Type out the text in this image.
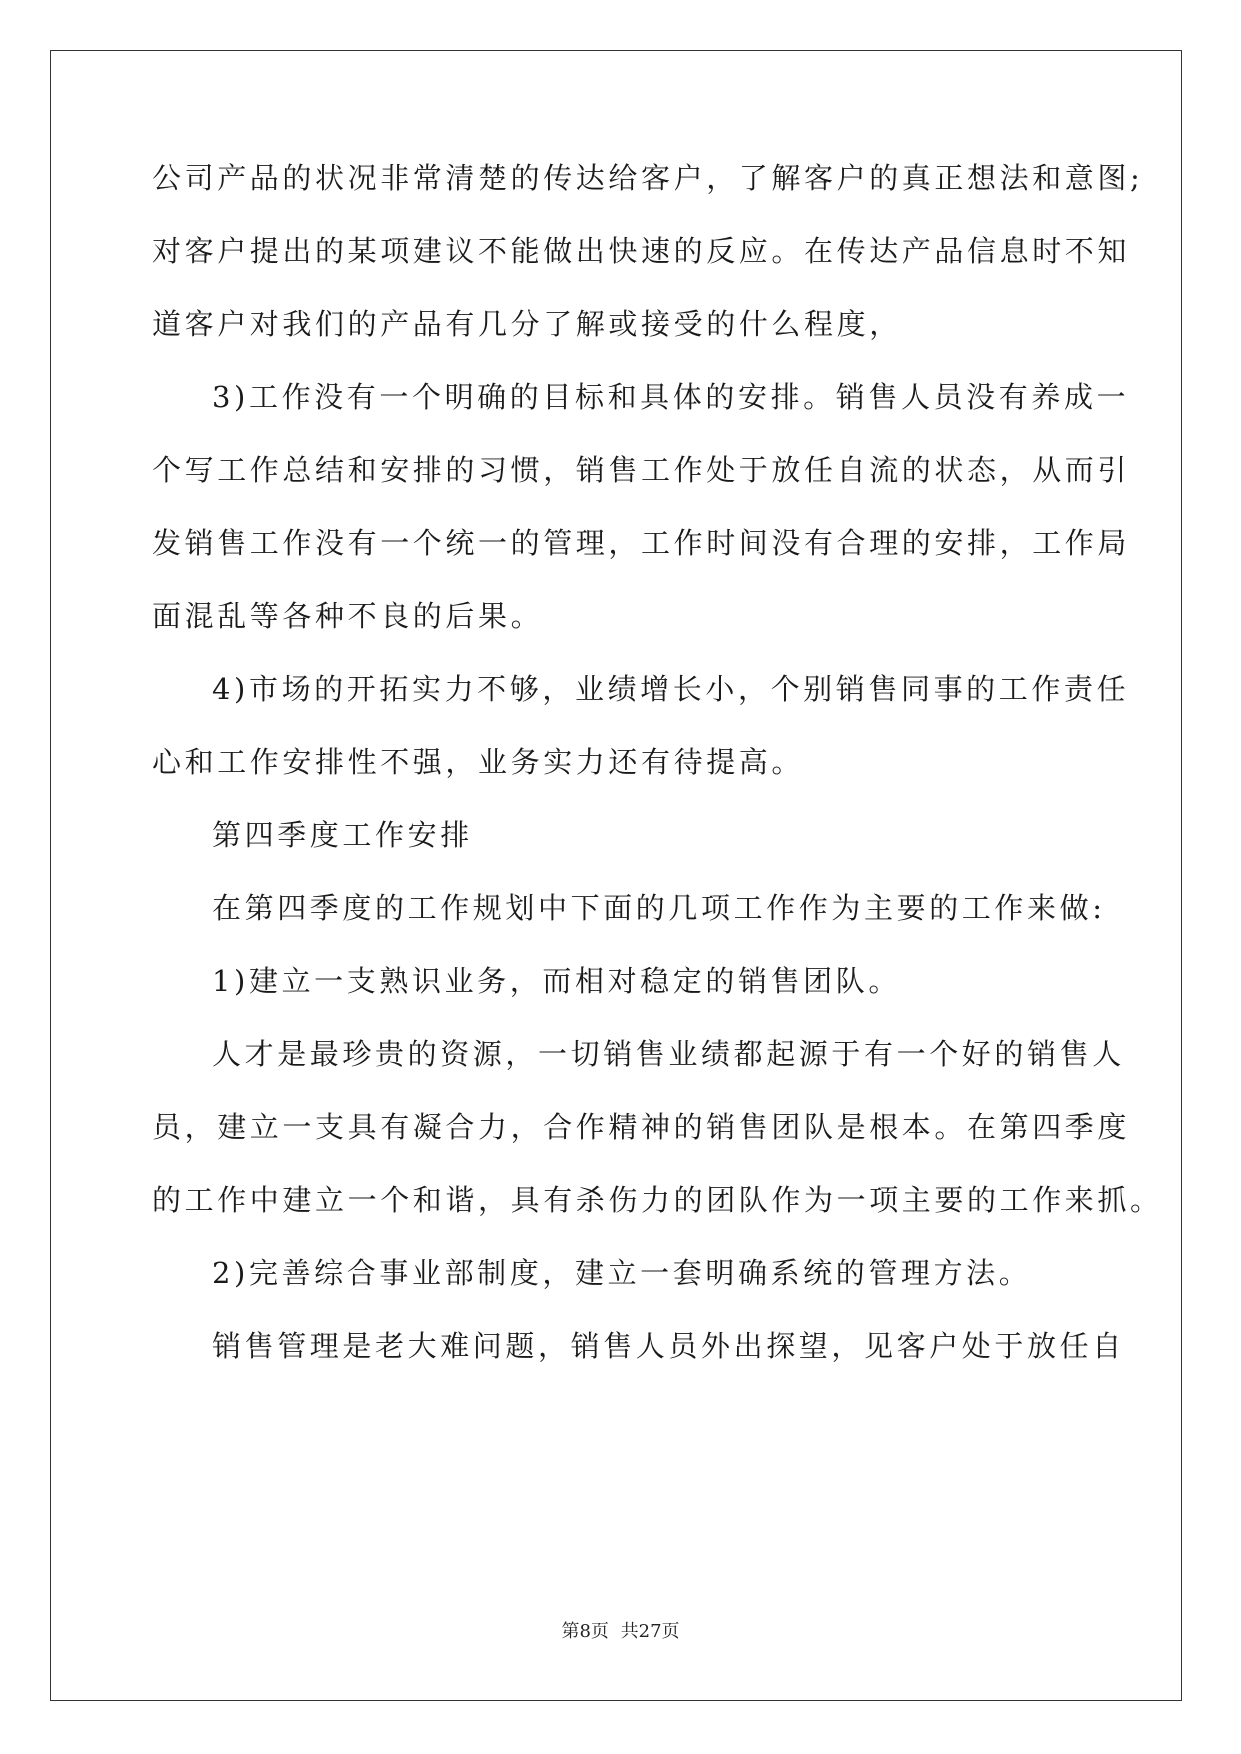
公司产品的状况非常清楚的传达给客户，了解客户的真正想法和意图;
对客户提出的某项建议不能做出快速的反应。在传达产品信息时不知
道客户对我们的产品有几分了解或接受的什么程度，
3)工作没有一个明确的目标和具体的安排。销售人员没有养成一
个写工作总结和安排的习惯，销售工作处于放任自流的状态，从而引
发销售工作没有一个统一的管理，工作时间没有合理的安排，工作局
面混乱等各种不良的后果。
4)市场的开拓实力不够，业绩增长小，个别销售同事的工作责任
心和工作安排性不强，业务实力还有待提高。
第四季度工作安排
在第四季度的工作规划中下面的几项工作作为主要的工作来做:
1)建立一支熟识业务，而相对稳定的销售团队。
人才是最珍贵的资源，一切销售业绩都起源于有一个好的销售人
员，建立一支具有凝合力，合作精神的销售团队是根本。在第四季度
的工作中建立一个和谐，具有杀伤力的团队作为一项主要的工作来抓。
2)完善综合事业部制度，建立一套明确系统的管理方法。
销售管理是老大难问题，销售人员外出探望，见客户处于放任自
第8页 共27页
